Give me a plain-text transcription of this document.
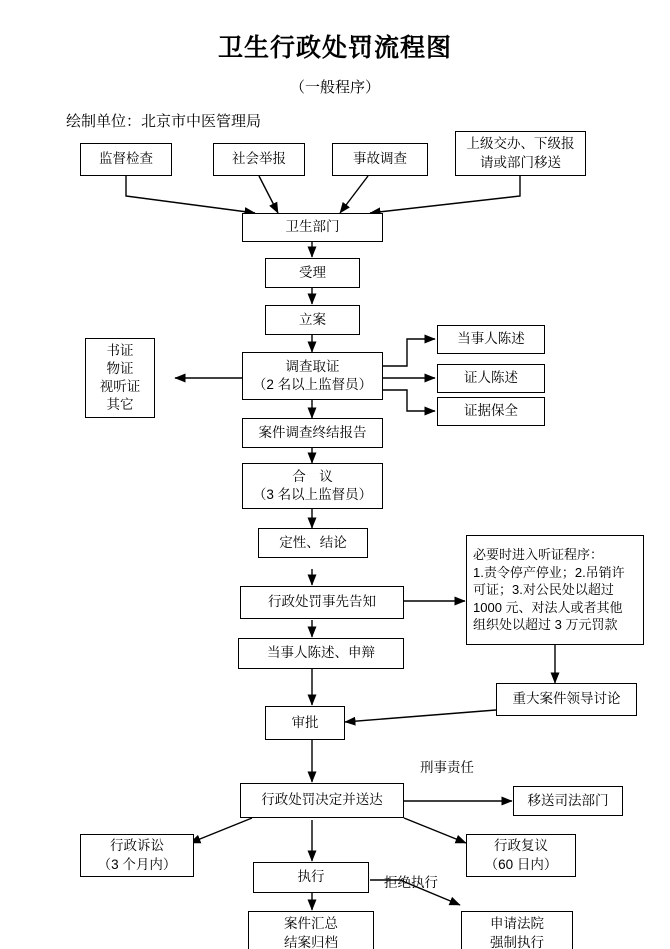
卫生行政处罚流程图
（一般程序）
绘制单位：北京市中医管理局
监督检查	社会举报	事故调查
上级交办、下级报
请或部门移送
卫生部门
受理
立案
调查取证
（2 名以上监督员）
书证
物证
视听证
其它
当事人陈述
证人陈述
证据保全
案件调查终结报告
合　议
（3 名以上监督员）
定性、结论
行政处罚事先告知
必要时进入听证程序：
1.责令停产停业；2.吊销许
可证；3.对公民处以超过
1000 元、对法人或者其他
组织处以超过 3 万元罚款
当事人陈述、申辩
重大案件领导讨论
审批
行政处罚决定并送达	移送司法部门
刑事责任
行政诉讼
（3 个月内）
执行
行政复议
（60 日内）
拒绝执行
案件汇总
结案归档
申请法院
强制执行
